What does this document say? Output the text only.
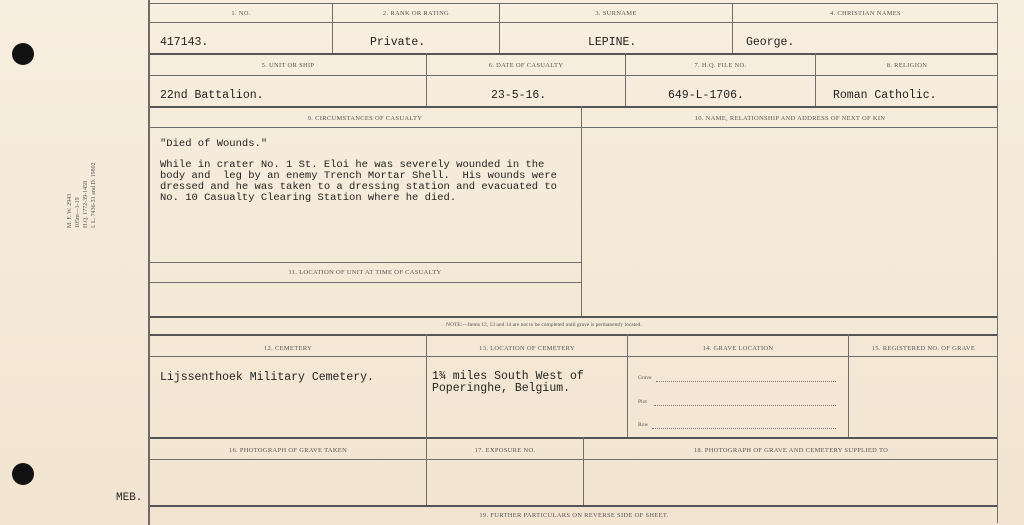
M. F. W. 2943 105m—1-19 H.Q. 1772-39-1458 I. L. 7436-31 and D. 19802
MEB.
1. NO.	2. RANK OR RATING	3. SURNAME	4. CHRISTIAN NAMES
417143.	Private.	LEPINE.	George.
5. UNIT OR SHIP	6. DATE OF CASUALTY	7. H.Q. FILE NO.	8. RELIGION
22nd Battalion.	23-5-16.	649-L-1706.	Roman Catholic.
9. CIRCUMSTANCES OF CASUALTY	10. NAME, RELATIONSHIP AND ADDRESS OF NEXT OF KIN
"Died of Wounds."
While in crater No. 1 St. Eloi he was severely wounded in the
body and  leg by an enemy Trench Mortar Shell.  His wounds were
dressed and he was taken to a dressing station and evacuated to
No. 10 Casualty Clearing Station where he died.
11. LOCATION OF UNIT AT TIME OF CASUALTY
NOTE:—Items 12, 13 and 14 are not to be completed until grave is permanently located.
12. CEMETERY	13. LOCATION OF CEMETERY	14. GRAVE LOCATION	15. REGISTERED NO. OF GRAVE
Lijssenthoek Military Cemetery.	1¾ miles South West of
Poperinghe, Belgium.
Grave
Plot
Row
16. PHOTOGRAPH OF GRAVE TAKEN	17. EXPOSURE NO.	18. PHOTOGRAPH OF GRAVE AND CEMETERY SUPPLIED TO
19. FURTHER PARTICULARS ON REVERSE SIDE OF SHEET.
